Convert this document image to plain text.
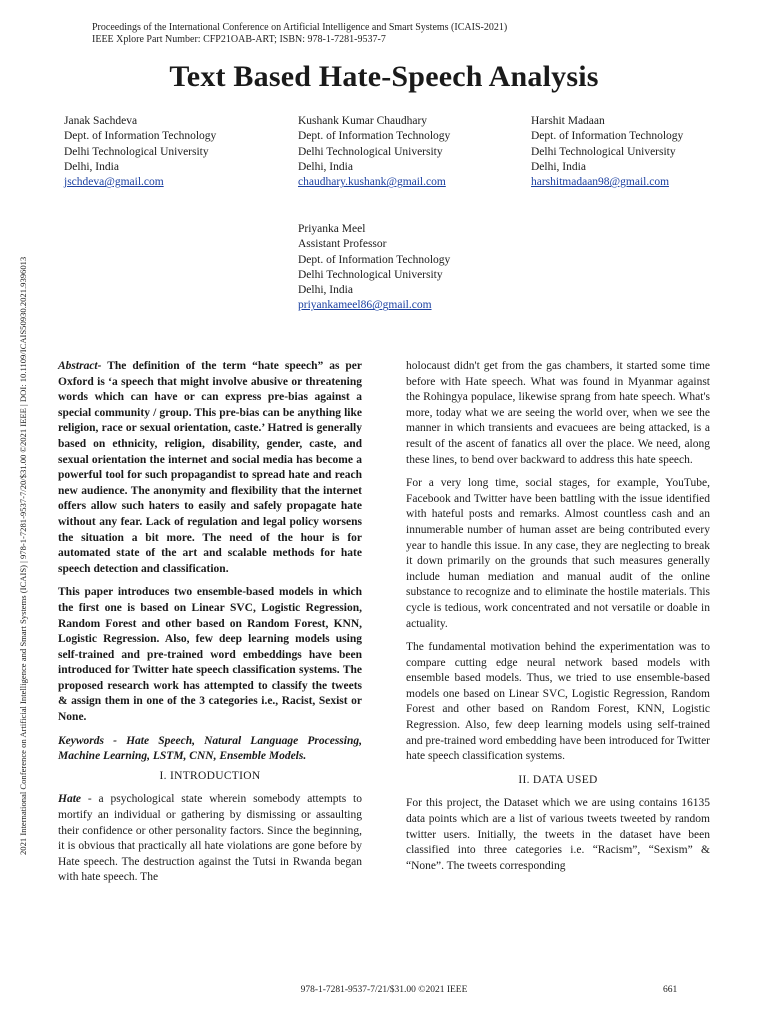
Proceedings of the International Conference on Artificial Intelligence and Smart Systems (ICAIS-2021)
IEEE Xplore Part Number: CFP21OAB-ART; ISBN: 978-1-7281-9537-7
2021 International Conference on Artificial Intelligence and Smart Systems (ICAIS) | 978-1-7281-9537-7/20/$31.00 ©2021 IEEE | DOI: 10.1109/ICAIS50930.2021.9396013
Text Based Hate-Speech Analysis
Janak Sachdeva
Dept. of Information Technology
Delhi Technological University
Delhi, India
jschdeva@gmail.com
Kushank Kumar Chaudhary
Dept. of Information Technology
Delhi Technological University
Delhi, India
chaudhary.kushank@gmail.com
Harshit Madaan
Dept. of Information Technology
Delhi Technological University
Delhi, India
harshitmadaan98@gmail.com
Priyanka Meel
Assistant Professor
Dept. of Information Technology
Delhi Technological University
Delhi, India
priyankameel86@gmail.com

Abstract- The definition of the term “hate speech” as per Oxford is ‘a speech that might involve abusive or threatening words which can have or can express pre-bias against a special community / group. This pre-bias can be anything like religion, race or sexual orientation, caste.’ Hatred is generally based on ethnicity, religion, disability, gender, caste, and sexual orientation the internet and social media has become a powerful tool for such propagandist to spread hate and reach new audience. The anonymity and flexibility that the internet offers allow such haters to easily and safely propagate hate without any fear. Lack of regulation and legal policy worsens the situation a bit more. The need of the hour is for automated state of the art and scalable methods for hate speech detection and classification.

This paper introduces two ensemble-based models in which the first one is based on Linear SVC, Logistic Regression, Random Forest and other based on Random Forest, KNN, Logistic Regression. Also, few deep learning models using self-trained and pre-trained word embeddings have been introduced for Twitter hate speech classification systems. The proposed research work has attempted to classify the tweets & assign them in one of the 3 categories i.e., Racist, Sexist or None.

Keywords - Hate Speech, Natural Language Processing, Machine Learning, LSTM, CNN, Ensemble Models.

I. INTRODUCTION

Hate - a psychological state wherein somebody attempts to mortify an individual or gathering by dismissing or assaulting their confidence or other personality factors. Since the beginning, it is obvious that practically all hate violations are gone before by Hate speech. The destruction against the Tutsi in Rwanda began with hate speech. The

holocaust didn't get from the gas chambers, it started some time before with Hate speech. What was found in Myanmar against the Rohingya populace, likewise sprang from hate speech. What's more, today what we are seeing the world over, when we see the manner in which transients and evacuees are being attacked, is a result of the ascent of fanatics all over the place. We need, along these lines, to bend over backward to address this hate speech.

For a very long time, social stages, for example, YouTube, Facebook and Twitter have been battling with the issue identified with hateful posts and remarks. Almost countless cash and an innumerable number of human asset are being contributed every year to handle this issue. In any case, they are neglecting to break it down primarily on the grounds that such measures generally include human mediation and manual audit of the online substance to recognize and to eliminate the hostile materials. This cycle is tedious, work concentrated and not versatile or doable in actuality.

The fundamental motivation behind the experimentation was to compare cutting edge neural network based models with ensemble based models. Thus, we tried to use ensemble-based models one based on Linear SVC, Logistic Regression, Random Forest and other based on Random Forest, KNN, Logistic Regression. Also, few deep learning models using self-trained and pre-trained word embedding have been introduced for Twitter hate speech classification systems.

II. DATA USED

For this project, the Dataset which we are using contains 16135 data points which are a list of various tweets tweeted by random twitter users. Initially, the tweets in the dataset have been classified into three categories i.e. “Racism”, “Sexism” & “None”. The tweets corresponding

978-1-7281-9537-7/21/$31.00 ©2021 IEEE	661
